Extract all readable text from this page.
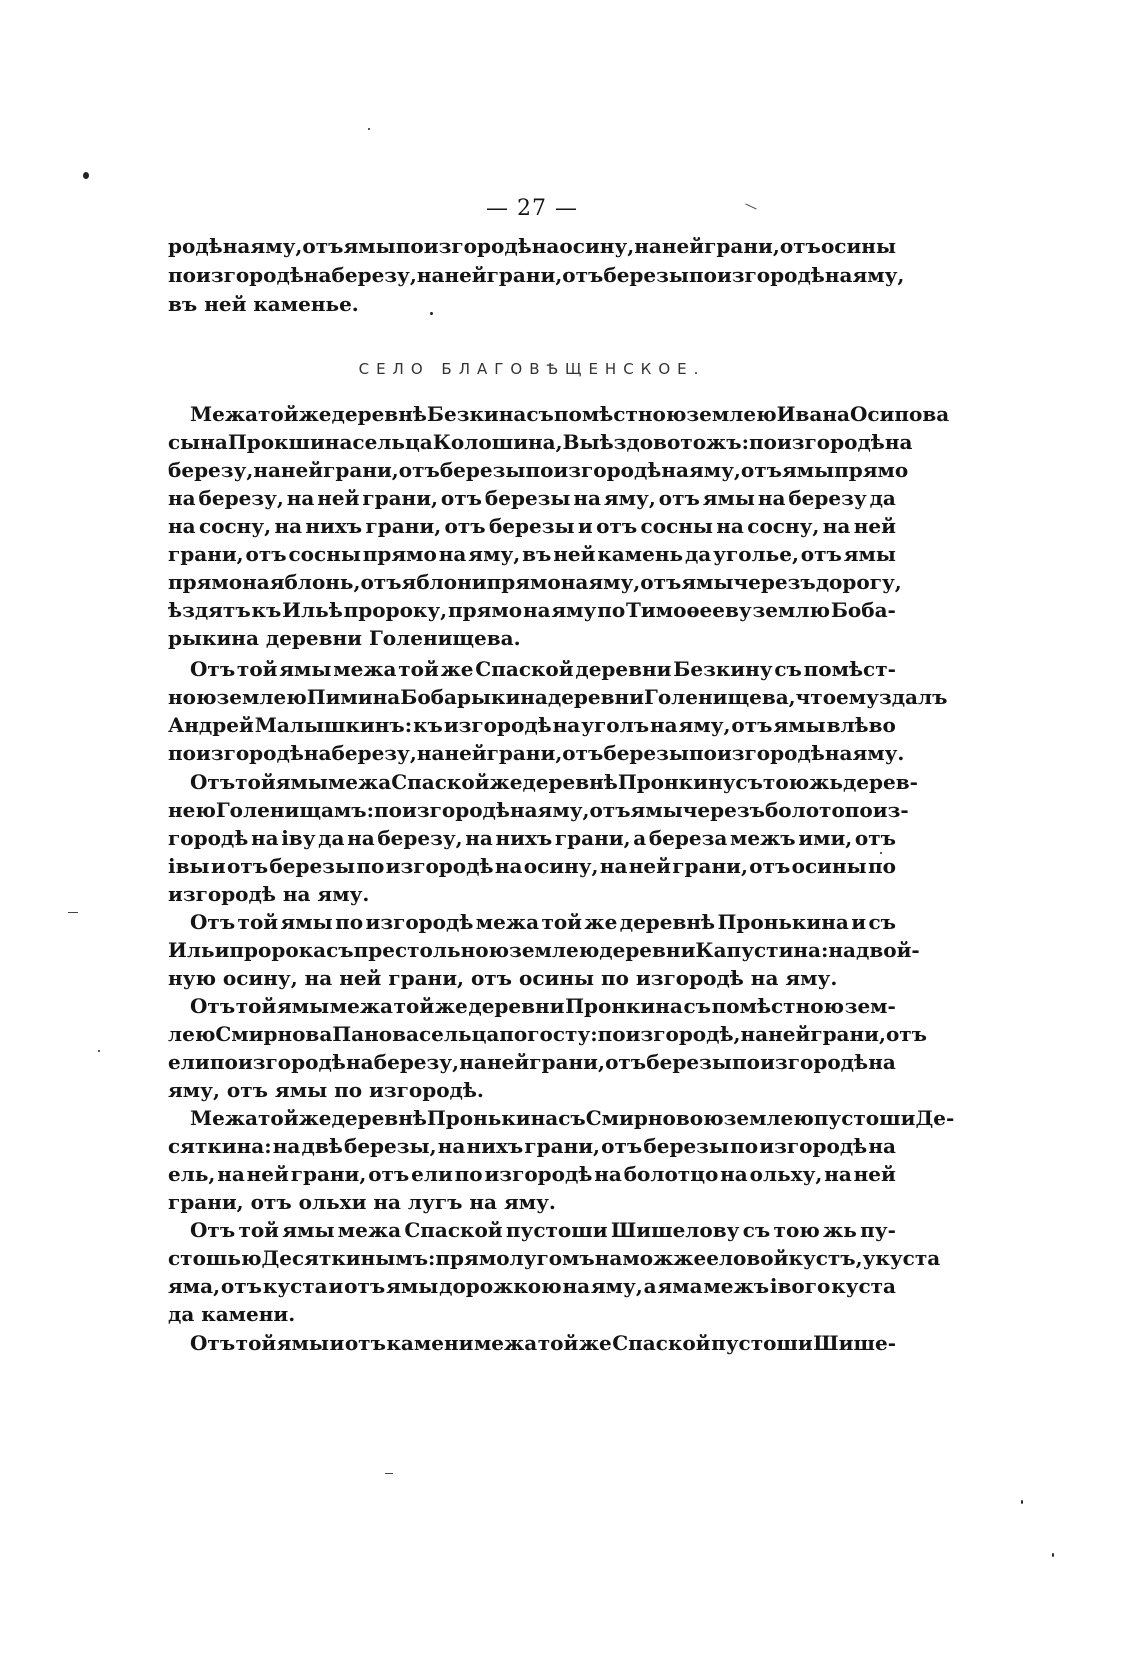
— 27 —
родѣ на яму, отъ ямы по изгородѣ на осину, на ней грани, отъ осины
по изгородѣ на березу, на ней грани, отъ березы по изгородѣ на яму,
въ ней каменье.
СЕЛО БЛАГОВѢЩЕНСКОЕ.
Межа той же деревнѣ Безкина съ помѣстною землею Ивана Осипова
сына Прокшина сельца Колошина, Выѣздово тожъ: по изгородѣ на
березу, на ней грани, отъ березы по изгородѣ на яму, отъ ямы прямо
на березу, на ней грани, отъ березы на яму, отъ ямы на березу да
на сосну, на нихъ грани, отъ березы и отъ сосны на сосну, на ней
грани, отъ сосны прямо на яму, въ ней камень да уголье, отъ ямы
прямо на яблонь, отъ яблони прямо на яму, отъ ямы черезъ дорогу,
ѣздятъ къ Ильѣ пророку, прямо на яму по Тимоѳееву землю Боба-
рыкина деревни Голенищева.
Отъ той ямы межа той же Спаской деревни Безкину съ помѣст-
ною землею Пимина Бобарыкина деревни Голенищева, что ему здалъ
Андрей Малышкинъ: къ изгородѣ на уголъ на яму, отъ ямы влѣво
по изгородѣ на березу, на ней грани, отъ березы по изгородѣ на яму.
Отъ той ямы межа Спаской же деревнѣ Пронкину съ тою жь дерев-
нею Голенищамъ: по изгородѣ на яму, отъ ямы черезъ болото по из-
городѣ на іву да на березу, на нихъ грани, а береза межъ ими, отъ
івы и отъ березы по изгородѣ на осину, на ней грани, отъ осины по
изгородѣ на яму.
Отъ той ямы по изгородѣ межа той же деревнѣ Пронькина и съ
Ильи пророка съ престольною землею деревни Капустина: на двой-
ную осину, на ней грани, отъ осины по изгородѣ на яму.
Отъ той ямы межа той же деревни Пронкина съ помѣстною зем-
лею Смирнова Панова сельца погосту: по изгородѣ, на ней грани, отъ
ели по изгородѣ на березу, на ней грани, отъ березы по изгородѣ на
яму, отъ ямы по изгородѣ.
Межа той же деревнѣ Пронькина съ Смирновою землею пустоши Де-
сяткина: на двѣ березы, на нихъ грани, отъ березы по изгородѣ на
ель, на ней грани, отъ ели по изгородѣ на болотцо на ольху, на ней
грани, отъ ольхи на лугъ на яму.
Отъ той ямы межа Спаской пустоши Шишелову съ тою жь пу-
стошью Десяткинымъ: прямо лугомъ на можжееловой кустъ, у куста
яма, отъ куста и отъ ямы дорожкою на яму, а яма межъ івого куста
да камени.
Отъ той ямы и отъ камени межа той же Спаской пустоши Шише-
